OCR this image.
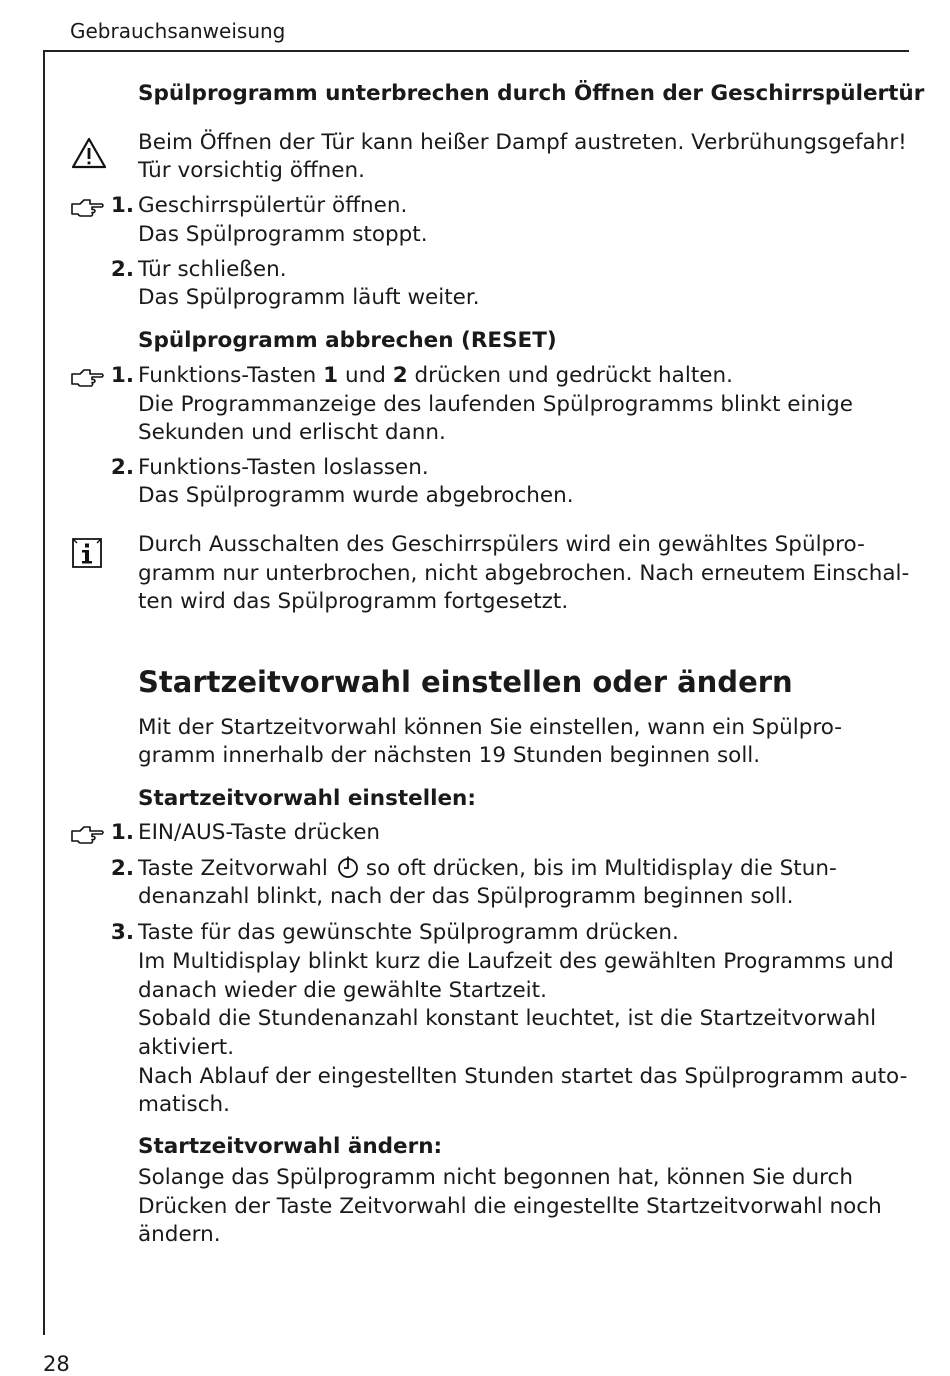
Gebrauchsanweisung
28
Spülprogramm unterbrechen durch Öffnen der Geschirrspülertür
Beim Öffnen der Tür kann heißer Dampf austreten. Verbrühungsgefahr!
Tür vorsichtig öffnen.
1. Geschirrspülertür öffnen.
Das Spülprogramm stoppt.
2. Tür schließen.
Das Spülprogramm läuft weiter.
Spülprogramm abbrechen (RESET)
1. Funktions-Tasten 1 und 2 drücken und gedrückt halten.
Die Programmanzeige des laufenden Spülprogramms blinkt einige
Sekunden und erlischt dann.
2. Funktions-Tasten loslassen.
Das Spülprogramm wurde abgebrochen.
Durch Ausschalten des Geschirrspülers wird ein gewähltes Spülpro-
gramm nur unterbrochen, nicht abgebrochen. Nach erneutem Einschal-
ten wird das Spülprogramm fortgesetzt.
Startzeitvorwahl einstellen oder ändern
Mit der Startzeitvorwahl können Sie einstellen, wann ein Spülpro-
gramm innerhalb der nächsten 19 Stunden beginnen soll.
Startzeitvorwahl einstellen:
1. EIN/AUS-Taste drücken
2. Taste Zeitvorwahl so oft drücken, bis im Multidisplay die Stun-
denanzahl blinkt, nach der das Spülprogramm beginnen soll.
3. Taste für das gewünschte Spülprogramm drücken.
Im Multidisplay blinkt kurz die Laufzeit des gewählten Programms und
danach wieder die gewählte Startzeit.
Sobald die Stundenanzahl konstant leuchtet, ist die Startzeitvorwahl
aktiviert.
Nach Ablauf der eingestellten Stunden startet das Spülprogramm auto-
matisch.
Startzeitvorwahl ändern:
Solange das Spülprogramm nicht begonnen hat, können Sie durch
Drücken der Taste Zeitvorwahl die eingestellte Startzeitvorwahl noch
ändern.
